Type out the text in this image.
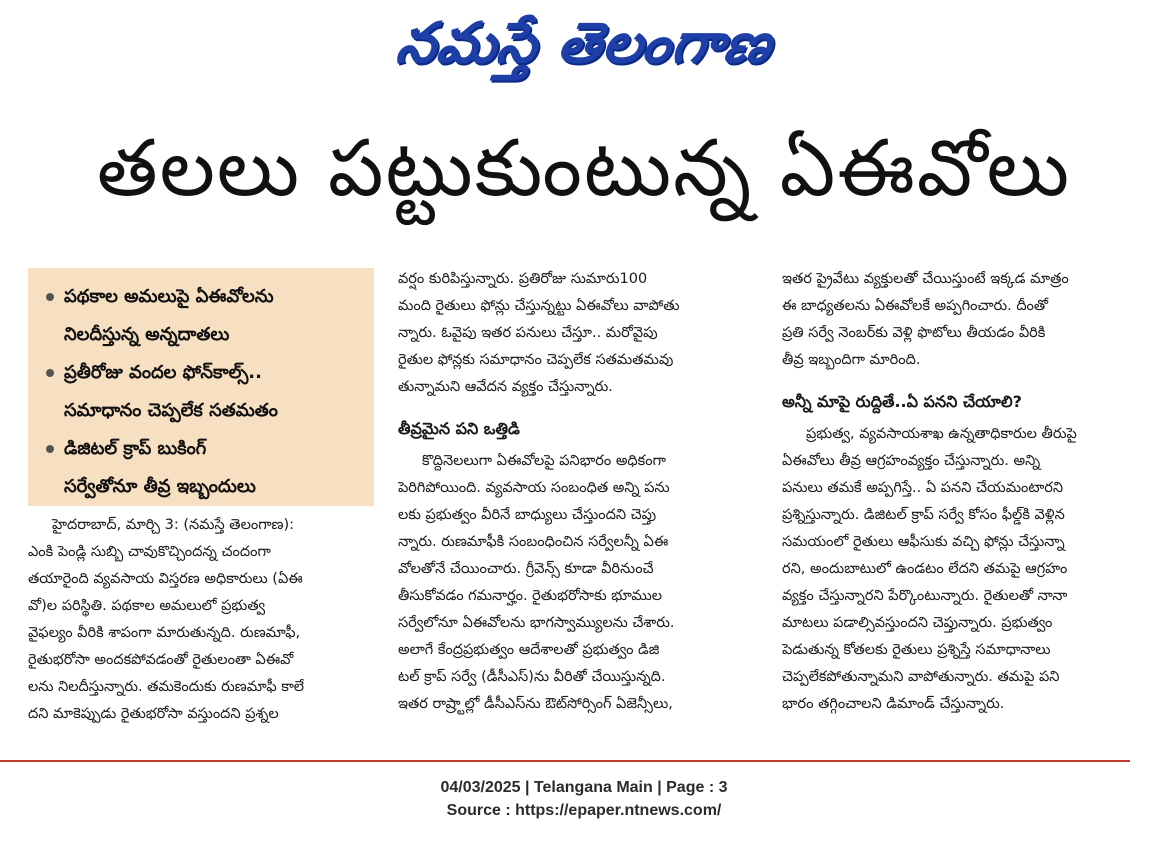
నమస్తే తెలంగాణ
తలలు పట్టుకుంటున్న ఏఈవోలు
పథకాల అమలుపై ఏఈవోలను
నిలదీస్తున్న అన్నదాతలు
ప్రతీరోజు వందల ఫోన్‌కాల్స్‌..
సమాధానం చెప్పలేక సతమతం
డిజిటల్‌ క్రాప్‌ బుకింగ్‌
సర్వేతోనూ తీవ్ర ఇబ్బందులు
హైదరాబాద్‌, మార్చి 3: (నమస్తే తెలంగాణ):
ఎంకి పెండ్లి సుబ్బి చావుకొచ్చిందన్న చందంగా
తయారైంది వ్యవసాయ విస్తరణ అధికారులు (ఏఈ
వో)ల పరిస్థితి. పథకాల అమలులో ప్రభుత్వ
వైఫల్యం వీరికి శాపంగా మారుతున్నది. రుణమాఫీ,
రైతుభరోసా అందకపోవడంతో రైతులంతా ఏఈవో
లను నిలదీస్తున్నారు. తమకెందుకు రుణమాఫీ కాలే
దని మాకెప్పుడు రైతుభరోసా వస్తుందని ప్రశ్నల
వర్షం కురిపిస్తున్నారు. ప్రతిరోజు సుమారు100
మంది రైతులు ఫోన్లు చేస్తున్నట్టు ఏఈవోలు వాపోతు
న్నారు. ఓవైపు ఇతర పనులు చేస్తూ.. మరోవైపు
రైతుల ఫోన్లకు సమాధానం చెప్పలేక సతమతమవు
తున్నామని ఆవేదన వ్యక్తం చేస్తున్నారు.
తీవ్రమైన పని ఒత్తిడి
కొద్దినెలలుగా ఏఈవోలపై పనిభారం అధికంగా
పెరిగిపోయింది. వ్యవసాయ సంబంధిత అన్ని పను
లకు ప్రభుత్వం వీరినే బాధ్యులు చేస్తుందని చెప్తు
న్నారు. రుణమాఫీకి సంబంధించిన సర్వేలన్నీ ఏఈ
వోలతోనే చేయించారు. గ్రీవెన్స్‌ కూడా వీరినుంచే
తీసుకోవడం గమనార్హం. రైతుభరోసాకు భూముల
సర్వేలోనూ ఏఈవోలను భాగస్వామ్యులను చేశారు.
అలాగే కేంద్రప్రభుత్వం ఆదేశాలతో ప్రభుత్వం డిజి
టల్‌ క్రాప్‌ సర్వే (డీసీఎస్‌)ను వీరితో చేయిస్తున్నది.
ఇతర రాష్ర్టాల్లో డీసీఎస్‌ను ఔట్‌సోర్సింగ్‌ ఏజెన్సీలు,
ఇతర ప్రైవేటు వ్యక్తులతో చేయిస్తుంటే ఇక్కడ మాత్రం
ఈ బాధ్యతలను ఏఈవోలకే అప్పగించారు. దీంతో
ప్రతి సర్వే నెంబర్‌కు వెళ్లి ఫొటోలు తీయడం వీరికి
తీవ్ర ఇబ్బందిగా మారింది.
అన్నీ మాపై రుద్దితే..ఏ పనని చేయాలి?
ప్రభుత్వ, వ్యవసాయశాఖ ఉన్నతాధికారుల తీరుపై
ఏఈవోలు తీవ్ర ఆగ్రహంవ్యక్తం చేస్తున్నారు. అన్ని
పనులు తమకే అప్పగిస్తే.. ఏ పనని చేయమంటారని
ప్రశ్నిస్తున్నారు. డిజిటల్‌ క్రాప్‌ సర్వే కోసం ఫీల్డ్‌కి వెళ్లిన
సమయంలో రైతులు ఆఫీసుకు వచ్చి ఫోన్లు చేస్తున్నా
రని, అందుబాటులో ఉండటం లేదని తమపై ఆగ్రహం
వ్యక్తం చేస్తున్నారని పేర్కొంటున్నారు. రైతులతో నానా
మాటలు పడాల్సివస్తుందని చెప్తున్నారు. ప్రభుత్వం
పెడుతున్న కోతలకు రైతులు ప్రశ్నిస్తే సమాధానాలు
చెప్పలేకపోతున్నామని వాపోతున్నారు. తమపై పని
భారం తగ్గించాలని డిమాండ్‌ చేస్తున్నారు.
04/03/2025 | Telangana Main | Page : 3
Source : https://epaper.ntnews.com/
